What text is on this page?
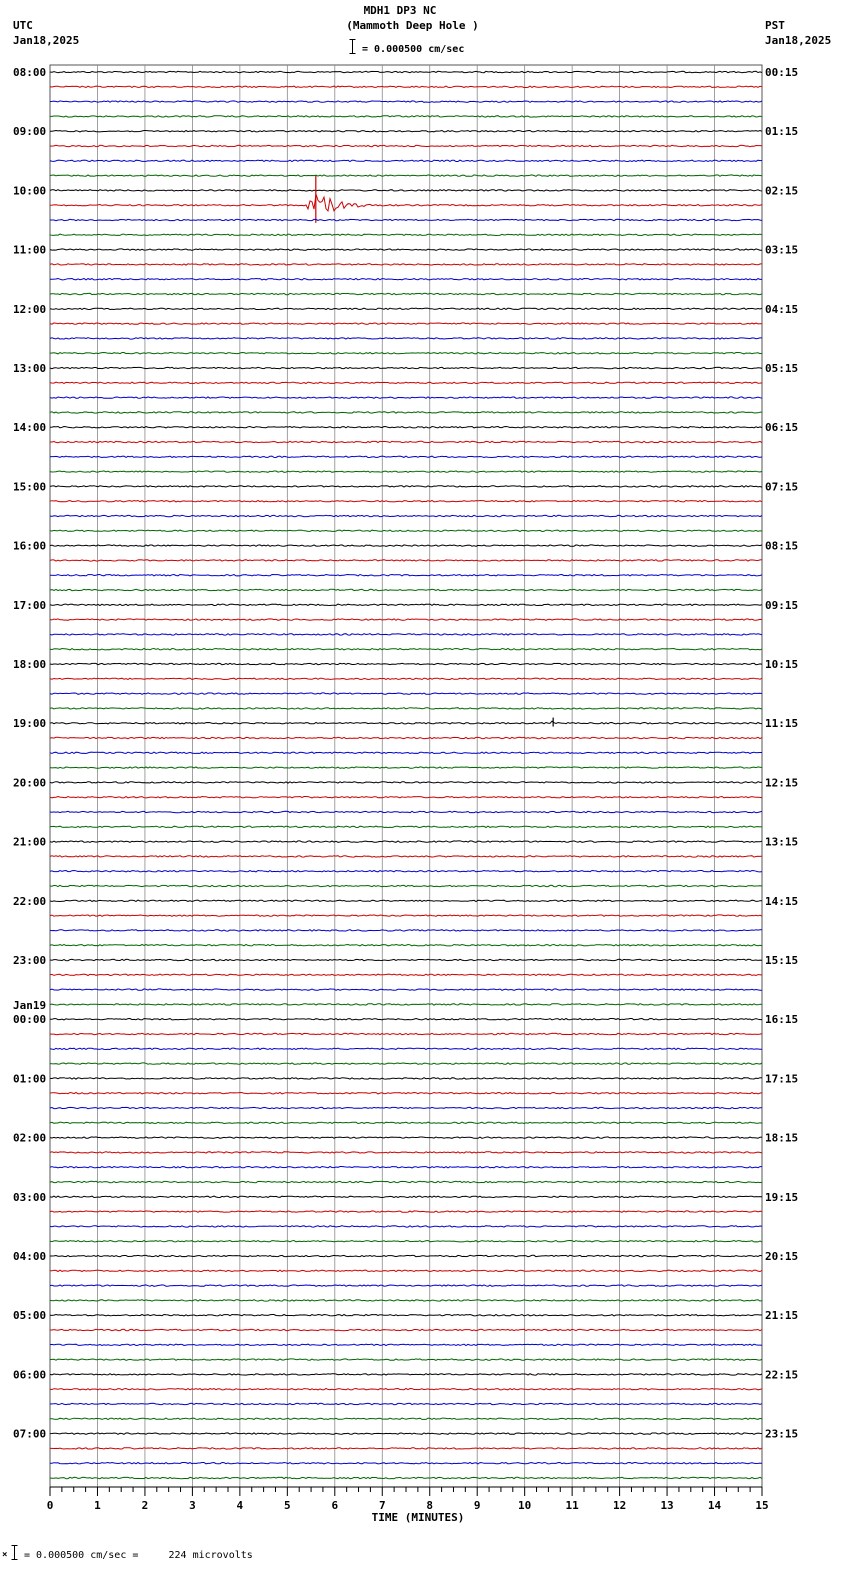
MDH1 DP3 NC
(Mammoth Deep Hole )
UTC
Jan18,2025
PST
Jan18,2025
= 0.000500 cm/sec
08:00
09:00
10:00
11:00
12:00
13:00
14:00
15:00
16:00
17:00
18:00
19:00
20:00
21:00
22:00
23:00
00:00
01:00
02:00
03:00
04:00
05:00
06:00
07:00
Jan19
00:15
01:15
02:15
03:15
04:15
05:15
06:15
07:15
08:15
09:15
10:15
11:15
12:15
13:15
14:15
15:15
16:15
17:15
18:15
19:15
20:15
21:15
22:15
23:15
0	1	2	3	4	5	6	7	8	9	10	11	12	13	14	15
TIME (MINUTES)
× = 0.000500 cm/sec =     224 microvolts
